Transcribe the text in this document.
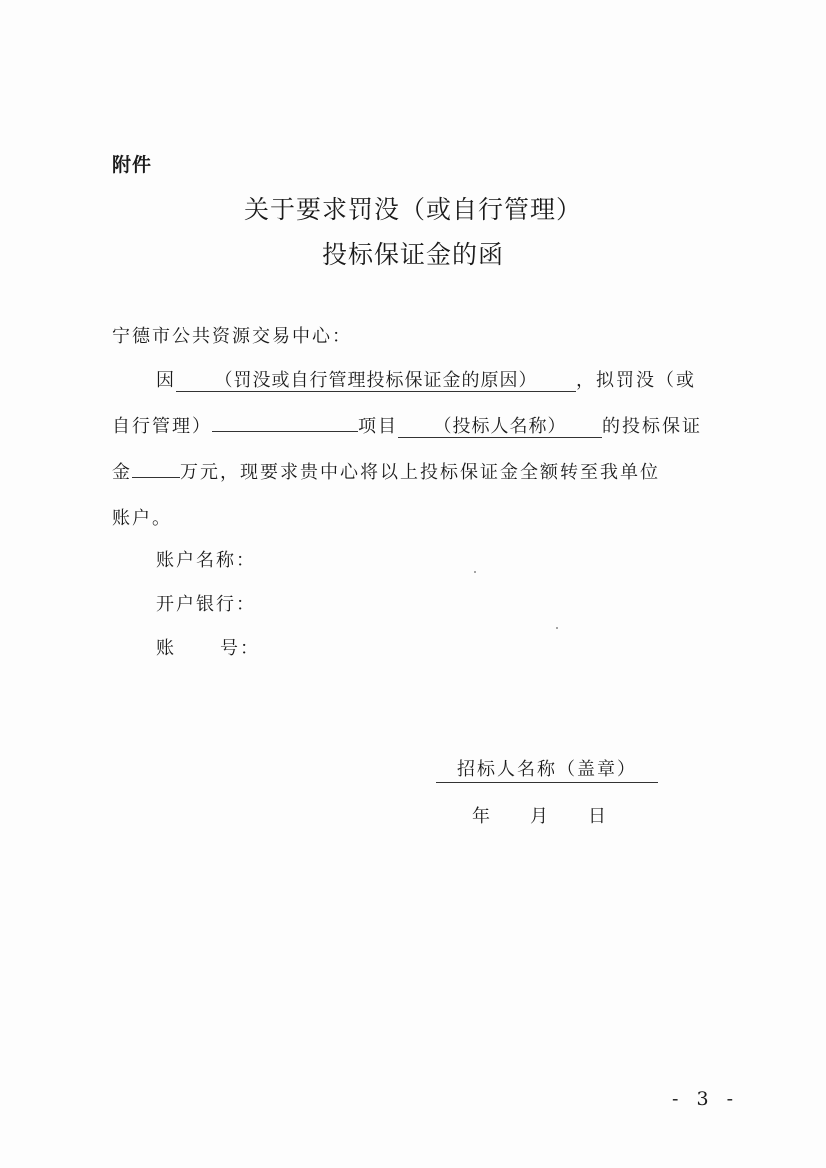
附件
关于要求罚没（或自行管理）
投标保证金的函
宁德市公共资源交易中心：
因 （罚没或自行管理投标保证金的原因） ，拟罚没（或
自行管理）	项目 （投标人名称） 的投标保证
金	万元，现要求贵中心将以上投标保证金全额转至我单位
账户。
账户名称：
开户银行：
账 号：
招标人名称（盖章）
年 月 日
- 3 -
